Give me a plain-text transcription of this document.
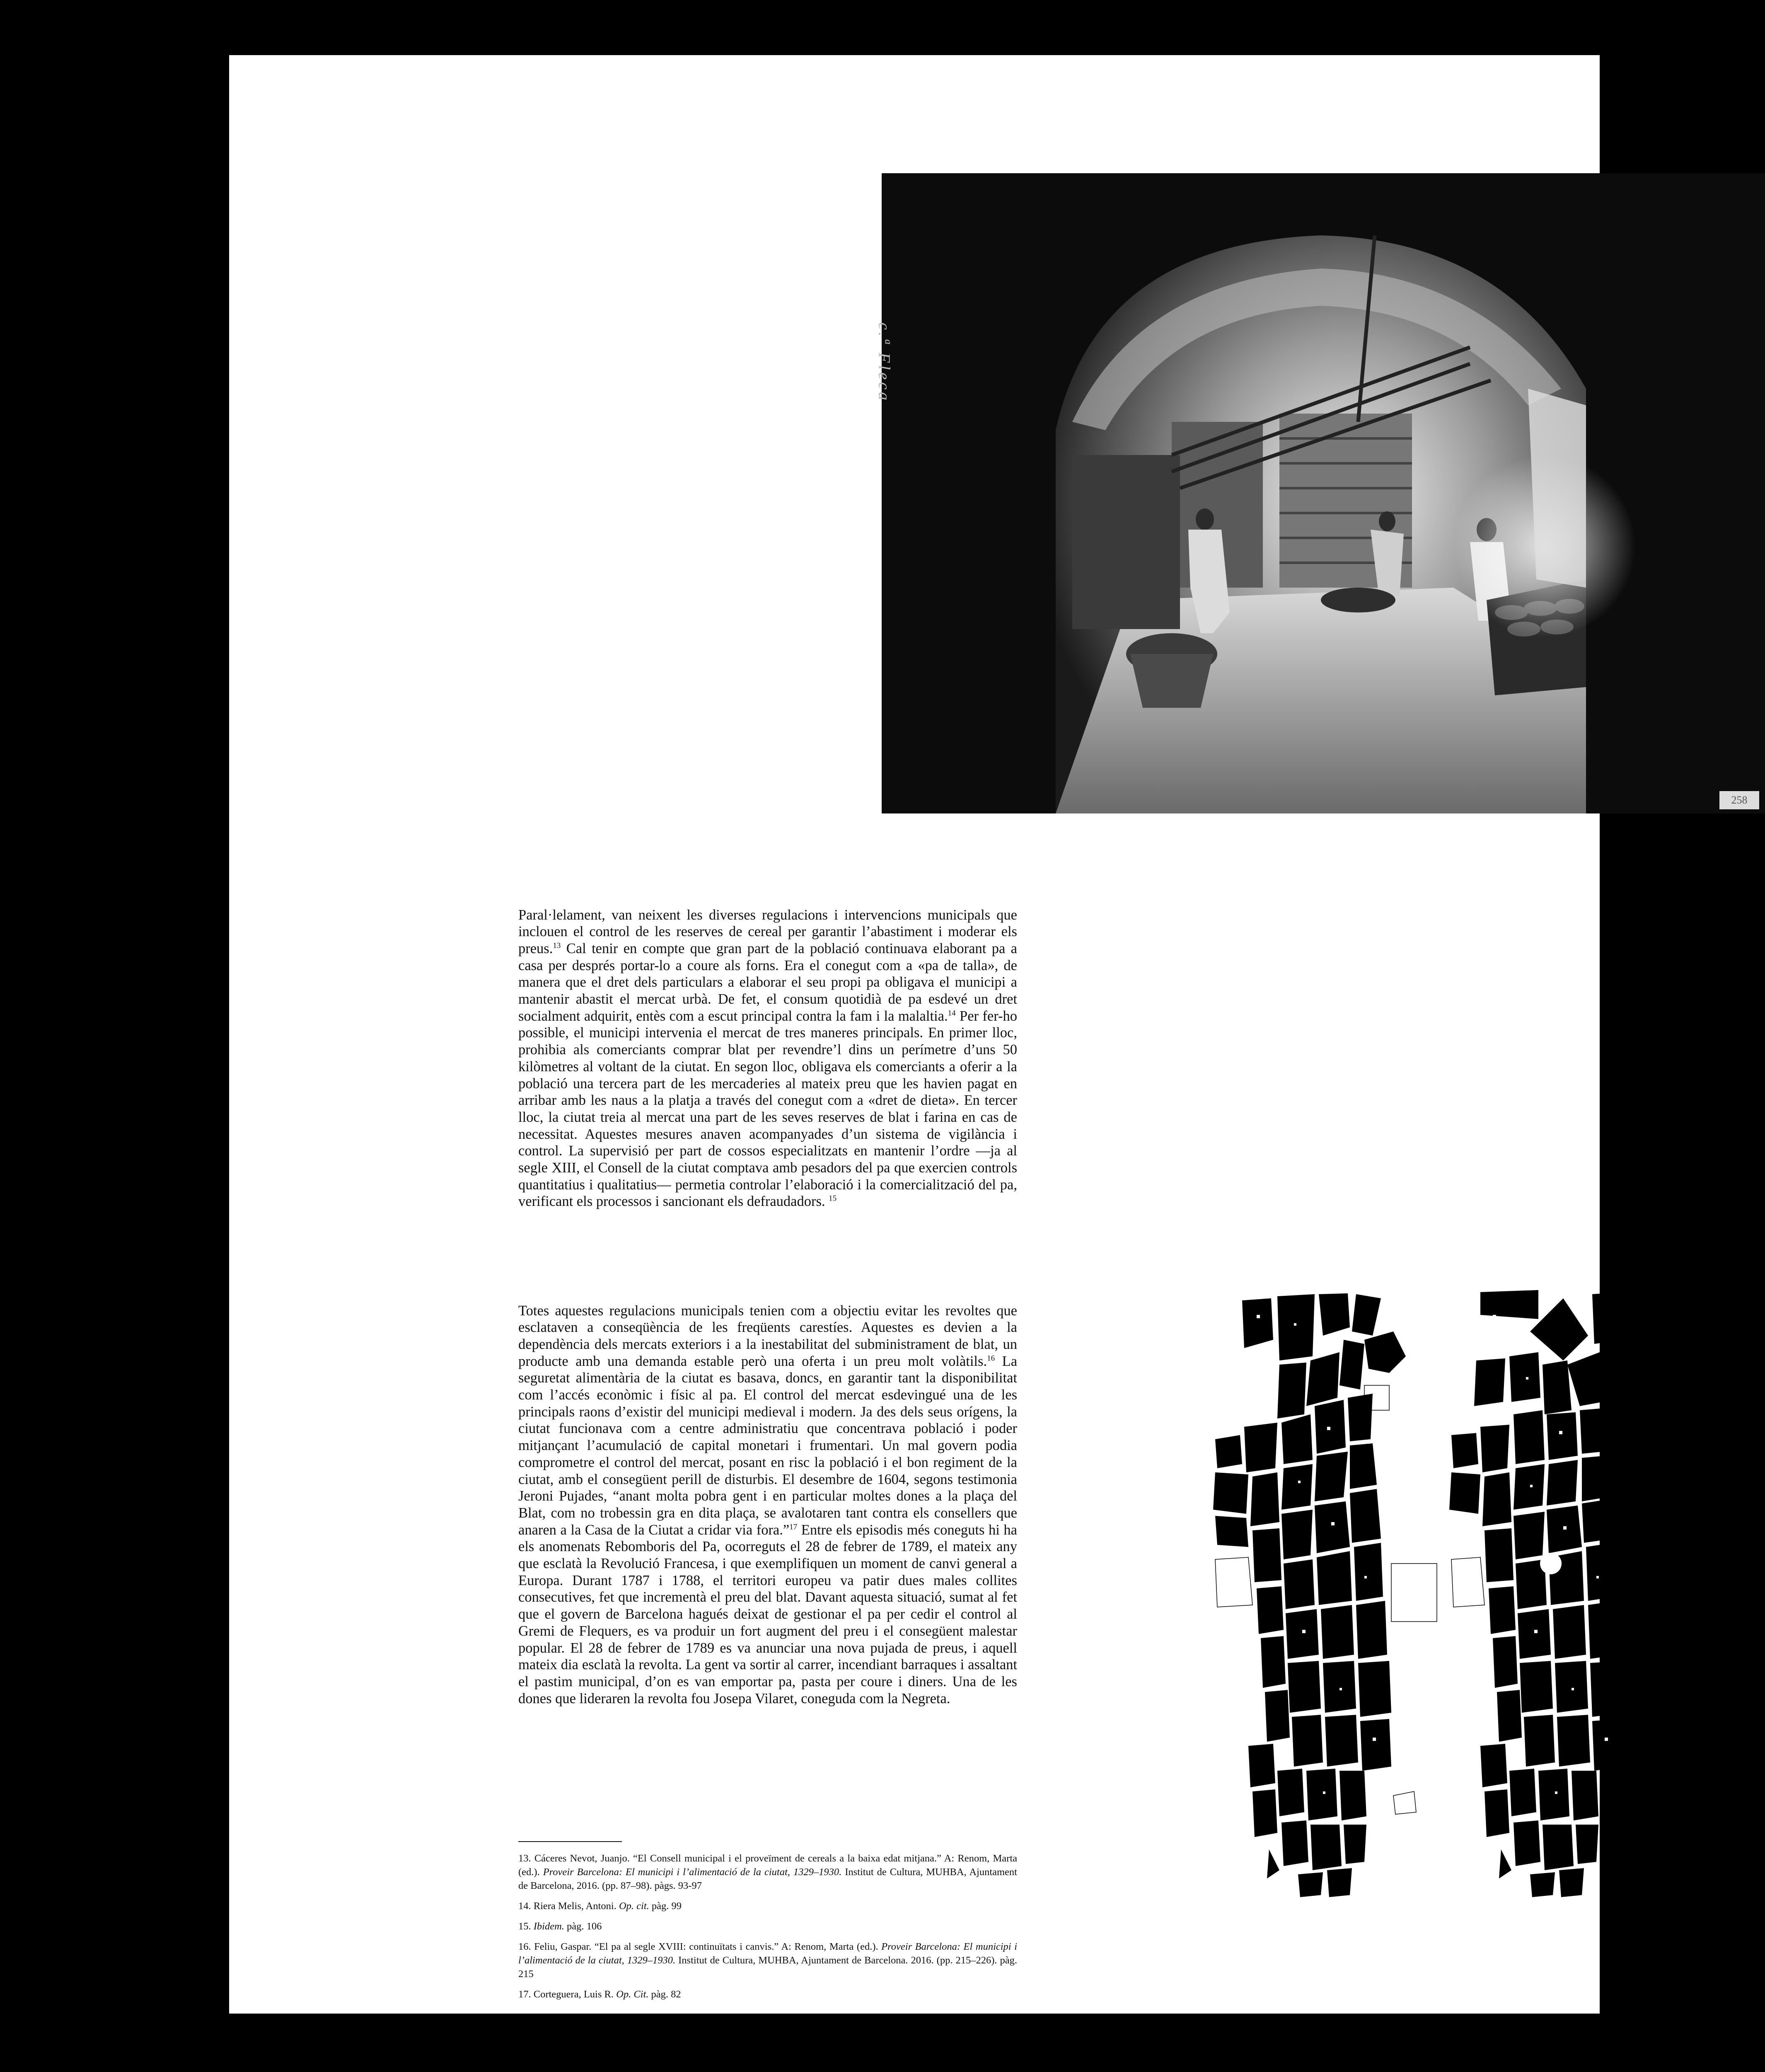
258
c.ª Fleca

Paral·lelament, van neixent les diverses regulacions i intervencions municipals que inclouen el control de les reserves de cereal per garantir l’abastiment i moderar els preus.$^{13}$ Cal tenir en compte que gran part de la població continuava elaborant pa a casa per després portar-lo a coure als forns. Era el conegut com a «pa de talla», de manera que el dret dels particulars a elaborar el seu propi pa obligava el municipi a mantenir abastit el mercat urbà. De fet, el consum quotidià de pa esdevé un dret socialment adquirit, entès com a escut principal contra la fam i la malaltia.$^{14}$ Per fer-ho possible, el municipi intervenia el mercat de tres maneres principals. En primer lloc, prohibia als comerciants comprar blat per revendre’l dins un perímetre d’uns 50 kilòmetres al voltant de la ciutat. En segon lloc, obligava els comerciants a oferir a la població una tercera part de les mercaderies al mateix preu que les havien pagat en arribar amb les naus a la platja a través del conegut com a «dret de dieta». En tercer lloc, la ciutat treia al mercat una part de les seves reserves de blat i farina en cas de necessitat. Aquestes mesures anaven acompanyades d’un sistema de vigilància i control. La supervisió per part de cossos especialitzats en mantenir l’ordre —ja al segle XIII, el Consell de la ciutat comptava amb pesadors del pa que exercien controls quantitatius i qualitatius— permetia controlar l’elaboració i la comercialització del pa, verificant els processos i sancionant els defraudadors. $^{15}$

Totes aquestes regulacions municipals tenien com a objectiu evitar les revoltes que esclataven a conseqüència de les freqüents carestíes. Aquestes es devien a la dependència dels mercats exteriors i a la inestabilitat del subministrament de blat, un producte amb una demanda estable però una oferta i un preu molt volàtils.$^{16}$ La seguretat alimentària de la ciutat es basava, doncs, en garantir tant la disponibilitat com l’accés econòmic i físic al pa. El control del mercat esdevingué una de les principals raons d’existir del municipi medieval i modern. Ja des dels seus orígens, la ciutat funcionava com a centre administratiu que concentrava població i poder mitjançant l’acumulació de capital monetari i frumentari. Un mal govern podia comprometre el control del mercat, posant en risc la població i el bon regiment de la ciutat, amb el consegüent perill de disturbis. El desembre de 1604, segons testimonia Jeroni Pujades, “anant molta pobra gent i en particular moltes dones a la plaça del Blat, com no trobessin gra en dita plaça, se avalotaren tant contra els consellers que anaren a la Casa de la Ciutat a cridar via fora.”$^{17}$ Entre els episodis més coneguts hi ha els anomenats Rebomboris del Pa, ocorreguts el 28 de febrer de 1789, el mateix any que esclatà la Revolució Francesa, i que exemplifiquen un moment de canvi general a Europa. Durant 1787 i 1788, el territori europeu va patir dues males collites consecutives, fet que incrementà el preu del blat. Davant aquesta situació, sumat al fet que el govern de Barcelona hagués deixat de gestionar el pa per cedir el control al Gremi de Flequers, es va produir un fort augment del preu i el consegüent malestar popular. El 28 de febrer de 1789 es va anunciar una nova pujada de preus, i aquell mateix dia esclatà la revolta. La gent va sortir al carrer, incendiant barraques i assaltant el pastim municipal, d’on es van emportar pa, pasta per coure i diners. Una de les dones que lideraren la revolta fou Josepa Vilaret, coneguda com la Negreta.

13. Cáceres Nevot, Juanjo. “El Consell municipal i el proveïment de cereals a la baixa edat mitjana.” A: Renom, Marta (ed.). Proveir Barcelona: El municipi i l’alimentació de la ciutat, 1329–1930. Institut de Cultura, MUHBA, Ajuntament de Barcelona, 2016. (pp. 87–98). pàgs. 93-97

14. Riera Melis, Antoni. Op. cit. pàg. 99

15. Ibidem. pàg. 106

16. Feliu, Gaspar. “El pa al segle XVIII: continuïtats i canvis.” A: Renom, Marta (ed.). Proveir Barcelona: El municipi i l’alimentació de la ciutat, 1329–1930. Institut de Cultura, MUHBA, Ajuntament de Barcelona. 2016. (pp. 215–226). pàg. 215

17. Corteguera, Luis R. Op. Cit. pàg. 82
